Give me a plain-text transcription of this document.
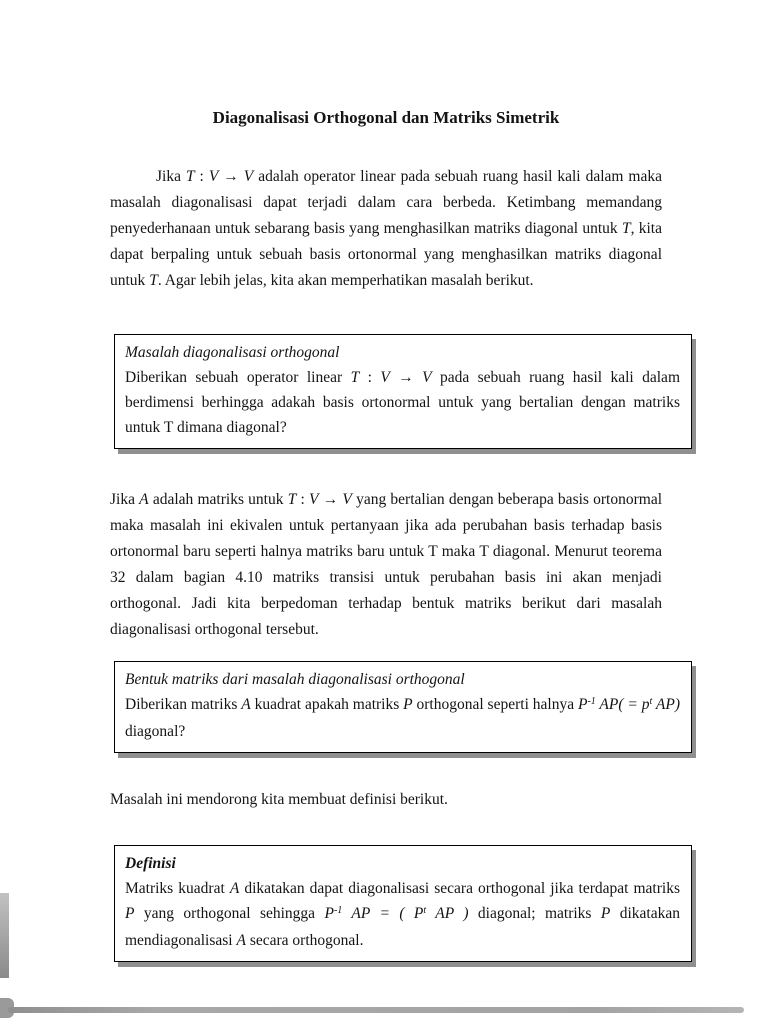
Diagonalisasi Orthogonal dan Matriks Simetrik

Jika T : V → V adalah operator linear pada sebuah ruang hasil kali dalam maka masalah diagonalisasi dapat terjadi dalam cara berbeda. Ketimbang memandang penyederhanaan untuk sebarang basis yang menghasilkan matriks diagonal untuk T, kita dapat berpaling untuk sebuah basis ortonormal yang menghasilkan matriks diagonal untuk T. Agar lebih jelas, kita akan memperhatikan masalah berikut.

Masalah diagonalisasi orthogonal
Diberikan sebuah operator linear T : V → V pada sebuah ruang hasil kali dalam berdimensi berhingga adakah basis ortonormal untuk yang bertalian dengan matriks untuk T dimana diagonal?

Jika A adalah matriks untuk T : V → V yang bertalian dengan beberapa basis ortonormal maka masalah ini ekivalen untuk pertanyaan jika ada perubahan basis terhadap basis ortonormal baru seperti halnya matriks baru untuk T maka T diagonal. Menurut teorema 32 dalam bagian 4.10 matriks transisi untuk perubahan basis ini akan menjadi orthogonal. Jadi kita berpedoman terhadap bentuk matriks berikut dari masalah diagonalisasi orthogonal tersebut.

Bentuk matriks dari masalah diagonalisasi orthogonal
Diberikan matriks A kuadrat apakah matriks P orthogonal seperti halnya $P^{-1}$ $AP( = p^t$ AP) diagonal?

Masalah ini mendorong kita membuat definisi berikut.

Definisi
Matriks kuadrat A dikatakan dapat diagonalisasi secara orthogonal jika terdapat matriks P yang orthogonal sehingga $P^{-1}$ AP = ( $P^t$ AP ) diagonal; matriks P dikatakan mendiagonalisasi A secara orthogonal.
